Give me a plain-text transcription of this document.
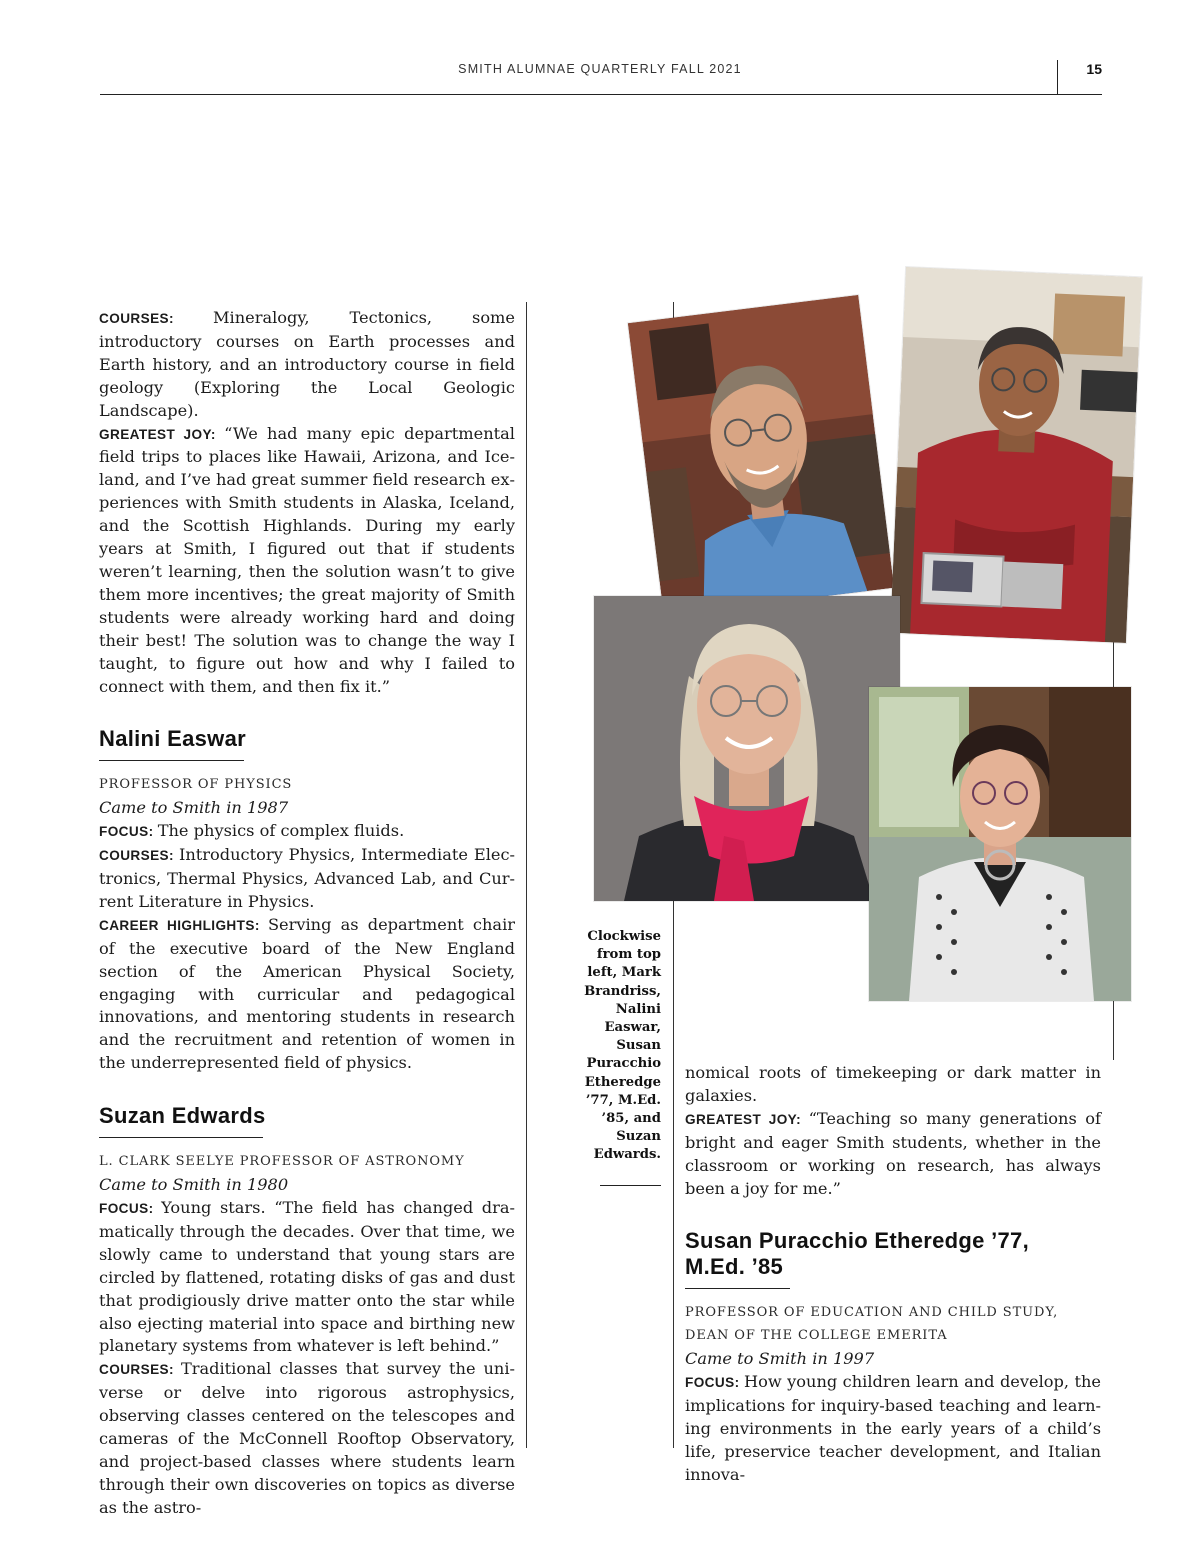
SMITH ALUMNAE QUARTERLY FALL 2021	15

COURSES: Mineralogy, Tectonics, some introductory courses on Earth processes and Earth history, and an introductory course in field geology (Exploring the Local Geologic Landscape).

GREATEST JOY: “We had many epic departmental field trips to places like Hawaii, Arizona, and Iceland, and I’ve had great summer field research experiences with Smith students in Alaska, Iceland, and the Scottish Highlands. During my early years at Smith, I figured out that if students weren’t learning, then the solution wasn’t to give them more incentives; the great majority of Smith students were already working hard and doing their best! The solution was to change the way I taught, to figure out how and why I failed to connect with them, and then fix it.”

Nalini Easwar

PROFESSOR OF PHYSICS

Came to Smith in 1987

FOCUS: The physics of complex fluids.

COURSES: Introductory Physics, Intermediate Electronics, Thermal Physics, Advanced Lab, and Current Literature in Physics.

CAREER HIGHLIGHTS: Serving as department chair of the executive board of the New England section of the American Physical Society, engaging with curricular and pedagogical innovations, and mentoring students in research and the recruitment and retention of women in the underrepresented field of physics.

Suzan Edwards

L. CLARK SEELYE PROFESSOR OF ASTRONOMY

Came to Smith in 1980

FOCUS: Young stars. “The field has changed dramatically through the decades. Over that time, we slowly came to understand that young stars are circled by flattened, rotating disks of gas and dust that prodigiously drive matter onto the star while also ejecting material into space and birthing new planetary systems from whatever is left behind.”

COURSES: Traditional classes that survey the universe or delve into rigorous astrophysics, observing classes centered on the telescopes and cameras of the McConnell Rooftop Observatory, and project-based classes where students learn through their own discoveries on topics as diverse as the astro-

Clockwise from top left, Mark Brandriss, Nalini Easwar, Susan Puracchio Etheredge ’77, M.Ed. ’85, and Suzan Edwards.

nomical roots of timekeeping or dark matter in galaxies.

GREATEST JOY: “Teaching so many generations of bright and eager Smith students, whether in the classroom or working on research, has always been a joy for me.”

Susan Puracchio Etheredge ’77, M.Ed. ’85

PROFESSOR OF EDUCATION AND CHILD STUDY,

DEAN OF THE COLLEGE EMERITA

Came to Smith in 1997

FOCUS: How young children learn and develop, the implications for inquiry-based teaching and learning environments in the early years of a child’s life, preservice teacher development, and Italian innova-
